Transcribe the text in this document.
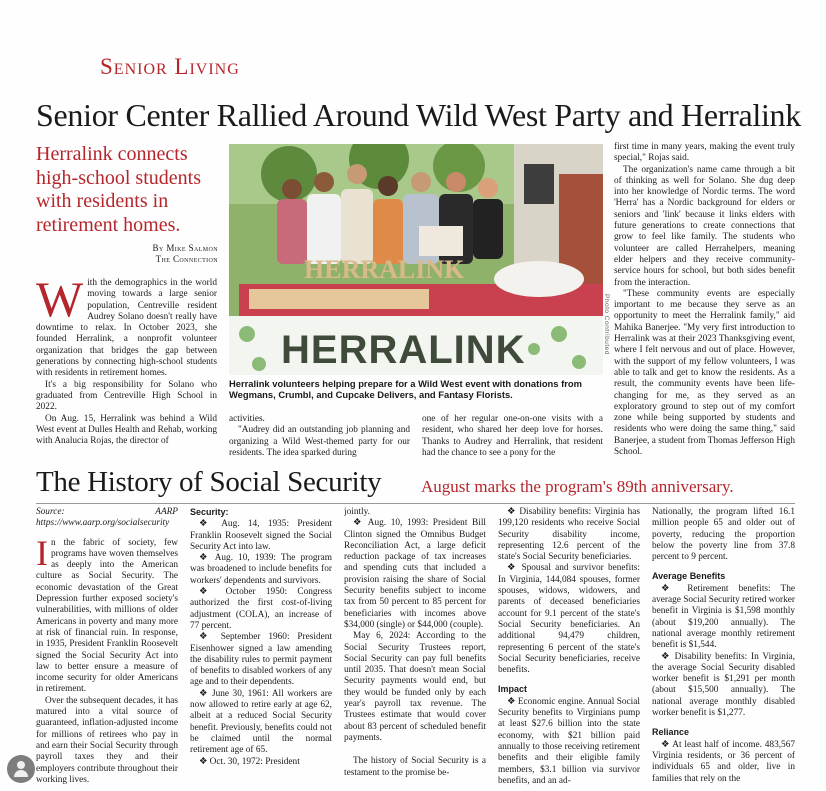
Senior Living
Senior Center Rallied Around Wild West Party and Herralink
Herralink connects high-school students with residents in retirement homes.
By Mike Salmon
The Connection

With the demographics in the world moving towards a large senior population, Centreville resident Audrey Solano doesn't really have downtime to relax. In October 2023, she founded Herralink, a nonprofit volunteer organization that bridges the gap between generations by connecting high-school students with residents in retirement homes.

It's a big responsibility for Solano who graduated from Centreville High School in 2022.

On Aug. 15, Herralink was behind a Wild West event at Dulles Health and Rehab, working with Analucia Rojas, the director of

HERRALINK
HERRALINK	Photo Contributed
Herralink volunteers helping prepare for a Wild West event with donations from Wegmans, Crumbl, and Cupcake Delivers, and Fantasy Florists.

activities.

"Audrey did an outstanding job planning and organizing a Wild West-themed party for our residents. The idea sparked during

one of her regular one-on-one visits with a resident, who shared her deep love for horses. Thanks to Audrey and Herralink, that resident had the chance to see a pony for the

first time in many years, making the event truly special," Rojas said.

The organization's name came through a bit of thinking as well for Solano. She dug deep into her knowledge of Nordic terms. The word 'Herra' has a Nordic background for elders or seniors and 'link' because it links elders with future generations to create connections that grow to feel like family. The students who volunteer are called Herrahelpers, meaning elder helpers and they receive community-service hours for school, but both sides benefit from the interaction.

"These community events are especially important to me because they serve as an opportunity to meet the Herralink family," aid Mahika Banerjee. "My very first introduction to Herralink was at their 2023 Thanksgiving event, where I felt nervous and out of place. However, with the support of my fellow volunteers, I was able to talk and get to know the residents. As a result, the community events have been life-changing for me, as they served as an exploratory ground to step out of my comfort zone while being supported by students and residents who were doing the same thing," said Banerjee, a student from Thomas Jefferson High School.

The History of Social Security August marks the program's 89th anniversary.

Source: AARP https://www.aarp.org/socialsecurity

In the fabric of society, few programs have woven themselves as deeply into the American culture as Social Security. The economic devastation of the Great Depression further exposed society's vulnerabilities, with millions of older Americans in poverty and many more at risk of financial ruin. In response, in 1935, President Franklin Roosevelt signed the Social Security Act into law to better ensure a measure of income security for older Americans in retirement.

Over the subsequent decades, it has matured into a vital source of guaranteed, inflation-adjusted income for millions of retirees who pay in and earn their Social Security through payroll taxes they and their employers contribute throughout their working lives.

Security:

❖ Aug. 14, 1935: President Franklin Roosevelt signed the Social Security Act into law.

❖ Aug. 10, 1939: The program was broadened to include benefits for workers' dependents and survivors.

❖ October 1950: Congress authorized the first cost-of-living adjustment (COLA), an increase of 77 percent.

❖ September 1960: President Eisenhower signed a law amending the disability rules to permit payment of benefits to disabled workers of any age and to their dependents.

❖ June 30, 1961: All workers are now allowed to retire early at age 62, albeit at a reduced Social Security benefit. Previously, benefits could not be claimed until the normal retirement age of 65.

❖ Oct. 30, 1972: President

jointly.

❖ Aug. 10, 1993: President Bill Clinton signed the Omnibus Budget Reconciliation Act, a large deficit reduction package of tax increases and spending cuts that included a provision raising the share of Social Security benefits subject to income tax from 50 percent to 85 percent for beneficiaries with incomes above $34,000 (single) or $44,000 (couple).

May 6, 2024: According to the Social Security Trustees report, Social Security can pay full benefits until 2035. That doesn't mean Social Security payments would end, but they would be funded only by each year's payroll tax revenue. The Trustees estimate that would cover about 83 percent of scheduled benefit payments.

The history of Social Security is a testament to the promise be-

❖ Disability benefits: Virginia has 199,120 residents who receive Social Security disability income, representing 12.6 percent of the state's Social Security beneficiaries.

❖ Spousal and survivor benefits: In Virginia, 144,084 spouses, former spouses, widows, widowers, and parents of deceased beneficiaries account for 9.1 percent of the state's Social Security beneficiaries. An additional 94,479 children, representing 6 percent of the state's Social Security beneficiaries, receive benefits.

Impact

❖ Economic engine. Annual Social Security benefits to Virginians pump at least $27.6 billion into the state economy, with $21 billion paid annually to those receiving retirement benefits and their eligible family members, $3.1 billion via survivor benefits, and an ad-

Nationally, the program lifted 16.1 million people 65 and older out of poverty, reducing the proportion below the poverty line from 37.8 percent to 9 percent.

Average Benefits

❖ Retirement benefits: The average Social Security retired worker benefit in Virginia is $1,598 monthly (about $19,200 annually). The national average monthly retirement benefit is $1,544.

❖ Disability benefits: In Virginia, the average Social Security disabled worker benefit is $1,291 per month (about $15,500 annually). The national average monthly disabled worker benefit is $1,277.

Reliance

❖ At least half of income. 483,567 Virginia residents, or 36 percent of individuals 65 and older, live in families that rely on the
